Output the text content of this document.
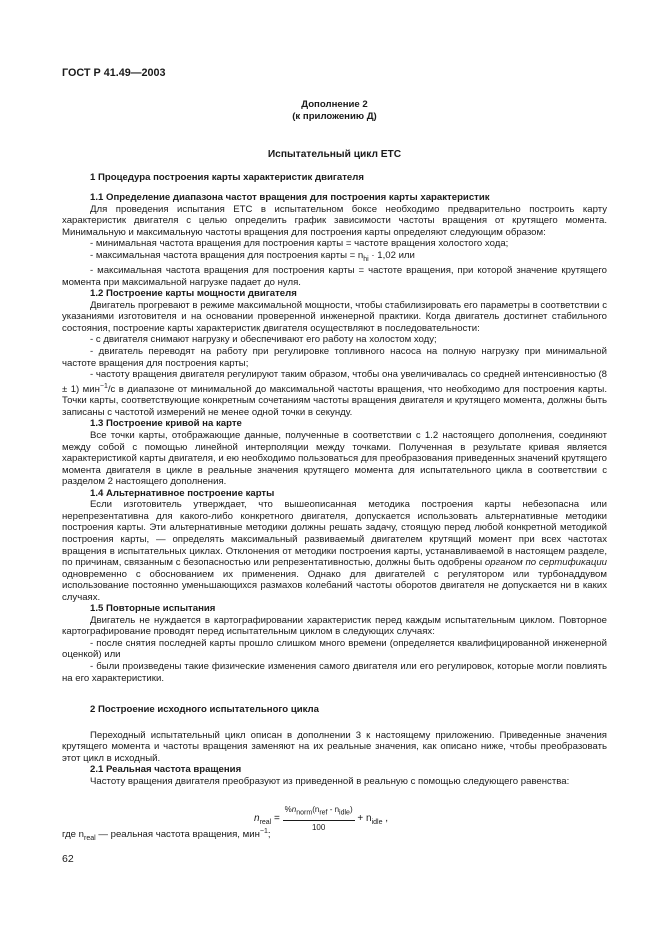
ГОСТ Р 41.49—2003
Дополнение 2
(к приложению Д)
Испытательный цикл ЕТС
1 Процедура построения карты характеристик двигателя

1.1 Определение диапазона частот вращения для построения карты характеристик

Для проведения испытания ЕТС в испытательном боксе необходимо предварительно построить карту характеристик двигателя с целью определить график зависимости частоты вращения от крутящего момента. Минимальную и максимальную частоты вращения для построения карты определяют следующим образом:

- минимальная частота вращения для построения карты = частоте вращения холостого хода;

- максимальная частота вращения для построения карты = $n_{hi} \cdot 1,02$ или

- максимальная частота вращения для построения карты = частоте вращения, при которой значение крутящего момента при максимальной нагрузке падает до нуля.

1.2 Построение карты мощности двигателя

Двигатель прогревают в режиме максимальной мощности, чтобы стабилизировать его параметры в соответствии с указаниями изготовителя и на основании проверенной инженерной практики. Когда двигатель достигнет стабильного состояния, построение карты характеристик двигателя осуществляют в последовательности:

- с двигателя снимают нагрузку и обеспечивают его работу на холостом ходу;

- двигатель переводят на работу при регулировке топливного насоса на полную нагрузку при минимальной частоте вращения для построения карты;

- частоту вращения двигателя регулируют таким образом, чтобы она увеличивалась со средней интенсивностью (8 ± 1) мин$^{-1}$/с в диапазоне от минимальной до максимальной частоты вращения, что необходимо для построения карты. Точки карты, соответствующие конкретным сочетаниям частоты вращения двигателя и крутящего момента, должны быть записаны с частотой измерений не менее одной точки в секунду.

1.3 Построение кривой на карте

Все точки карты, отображающие данные, полученные в соответствии с 1.2 настоящего дополнения, соединяют между собой с помощью линейной интерполяции между точками. Полученная в результате кривая является характеристикой карты двигателя, и ею необходимо пользоваться для преобразования приведенных значений крутящего момента двигателя в цикле в реальные значения крутящего момента для испытательного цикла в соответствии с разделом 2 настоящего дополнения.

1.4 Альтернативное построение карты

Если изготовитель утверждает, что вышеописанная методика построения карты небезопасна или нерепрезентативна для какого-либо конкретного двигателя, допускается использовать альтернативные методики построения карты. Эти альтернативные методики должны решать задачу, стоящую перед любой конкретной методикой построения карты, — определять максимальный развиваемый двигателем крутящий момент при всех частотах вращения в испытательных циклах. Отклонения от методики построения карты, устанавливаемой в настоящем разделе, по причинам, связанным с безопасностью или репрезентативностью, должны быть одобрены органом по сертификации одновременно с обоснованием их применения. Однако для двигателей с регулятором или турбонаддувом использование постоянно уменьшающихся размахов колебаний частоты оборотов двигателя не допускается ни в каких случаях.

1.5 Повторные испытания

Двигатель не нуждается в картографировании характеристик перед каждым испытательным циклом. Повторное картографирование проводят перед испытательным циклом в следующих случаях:

- после снятия последней карты прошло слишком много времени (определяется квалифицированной инженерной оценкой) или

- были произведены такие физические изменения самого двигателя или его регулировок, которые могли повлиять на его характеристики.

2 Построение исходного испытательного цикла

Переходный испытательный цикл описан в дополнении 3 к настоящему приложению. Приведенные значения крутящего момента и частоты вращения заменяют на их реальные значения, как описано ниже, чтобы преобразовать этот цикл в исходный.

2.1 Реальная частота вращения

Частоту вращения двигателя преобразуют из приведенной в реальную с помощью следующего равенства:

$n_{real} = \frac{\%n_{norm}(n_{ref} - n_{idle})}{100} + n_{idle}$ ,
где $n_{real}$ — реальная частота вращения, мин$^{-1}$;
62
